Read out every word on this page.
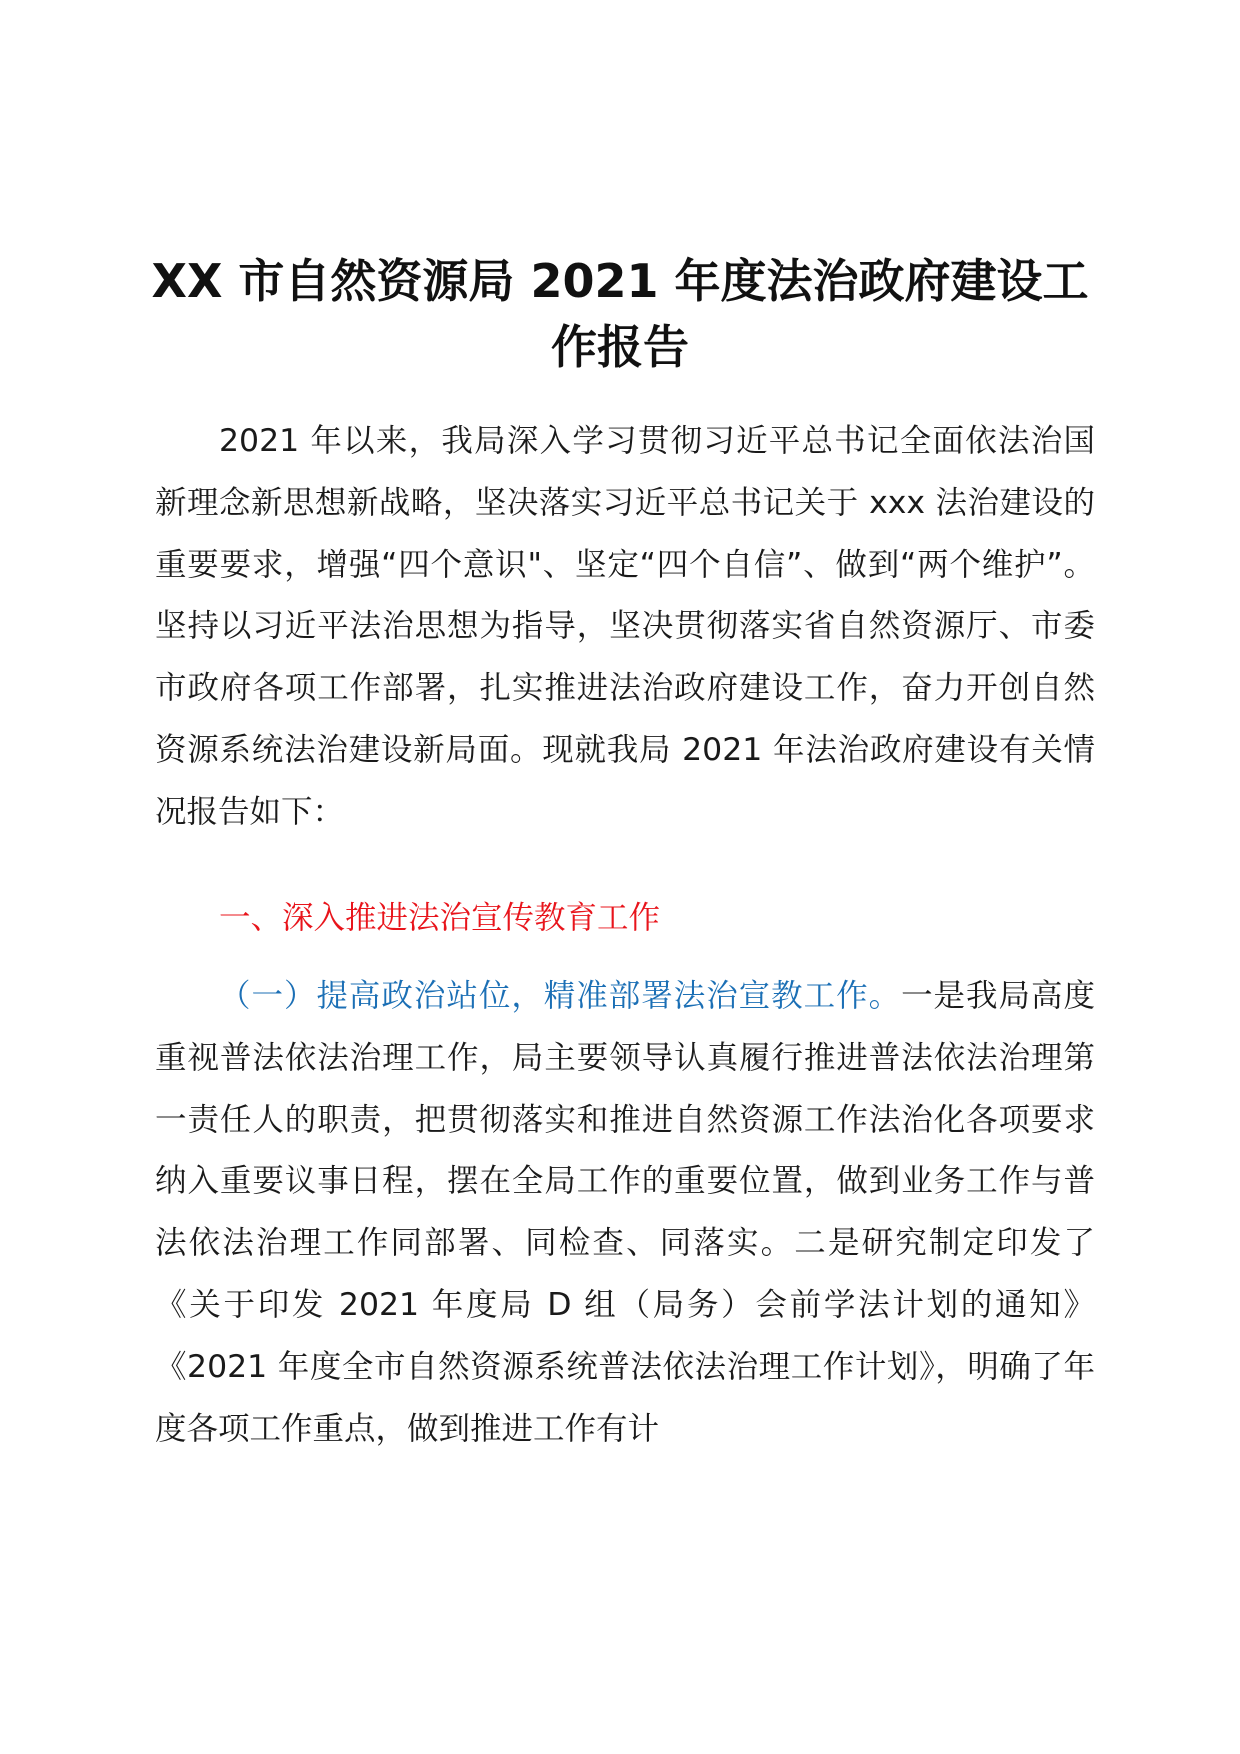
XX 市自然资源局 2021 年度法治政府建设工作报告
2021 年以来，我局深入学习贯彻习近平总书记全面依法治国新理念新思想新战略，坚决落实习近平总书记关于 xxx 法治建设的重要要求，增强“四个意识"、坚定“四个自信”、做到“两个维护”。坚持以习近平法治思想为指导，坚决贯彻落实省自然资源厅、市委市政府各项工作部署，扎实推进法治政府建设工作，奋力开创自然资源系统法治建设新局面。现就我局 2021 年法治政府建设有关情况报告如下：
一、深入推进法治宣传教育工作
（一）提高政治站位，精准部署法治宣教工作。一是我局高度重视普法依法治理工作，局主要领导认真履行推进普法依法治理第一责任人的职责，把贯彻落实和推进自然资源工作法治化各项要求纳入重要议事日程，摆在全局工作的重要位置，做到业务工作与普法依法治理工作同部署、同检查、同落实。二是研究制定印发了《关于印发 2021 年度局 D 组（局务）会前学法计划的通知》《2021 年度全市自然资源系统普法依法治理工作计划》，明确了年度各项工作重点，做到推进工作有计
